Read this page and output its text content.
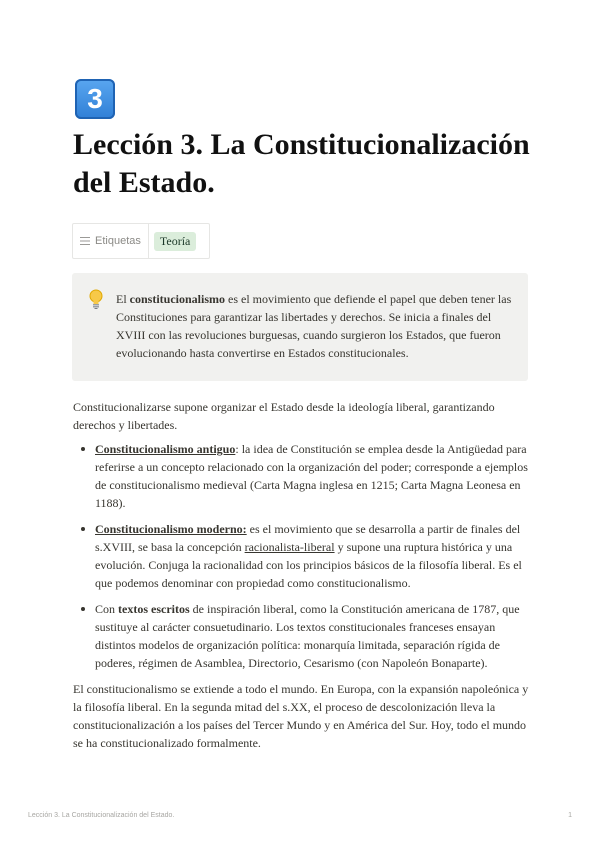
3
Lección 3. La Constitucionalización del Estado.
Etiquetas	Teoría

El constitucionalismo es el movimiento que defiende el papel que deben tener las Constituciones para garantizar las libertades y derechos. Se inicia a finales del XVIII con las revoluciones burguesas, cuando surgieron los Estados, que fueron evolucionando hasta convertirse en Estados constitucionales.

Constitucionalizarse supone organizar el Estado desde la ideología liberal, garantizando derechos y libertades.

Constitucionalismo antiguo: la idea de Constitución se emplea desde la Antigüedad para referirse a un concepto relacionado con la organización del poder; corresponde a ejemplos de constitucionalismo medieval (Carta Magna inglesa en 1215; Carta Magna Leonesa en 1188).
Constitucionalismo moderno: es el movimiento que se desarrolla a partir de finales del s.XVIII, se basa la concepción racionalista-liberal y supone una ruptura histórica y una evolución. Conjuga la racionalidad con los principios básicos de la filosofía liberal. Es el que podemos denominar con propiedad como constitucionalismo.
Con textos escritos de inspiración liberal, como la Constitución americana de 1787, que sustituye al carácter consuetudinario. Los textos constitucionales franceses ensayan distintos modelos de organización política: monarquía limitada, separación rígida de poderes, régimen de Asamblea, Directorio, Cesarismo (con Napoleón Bonaparte).

El constitucionalismo se extiende a todo el mundo. En Europa, con la expansión napoleónica y la filosofía liberal. En la segunda mitad del s.XX, el proceso de descolonización lleva la constitucionalización a los países del Tercer Mundo y en América del Sur. Hoy, todo el mundo se ha constitucionalizado formalmente.

Lección 3. La Constitucionalización del Estado.	1
